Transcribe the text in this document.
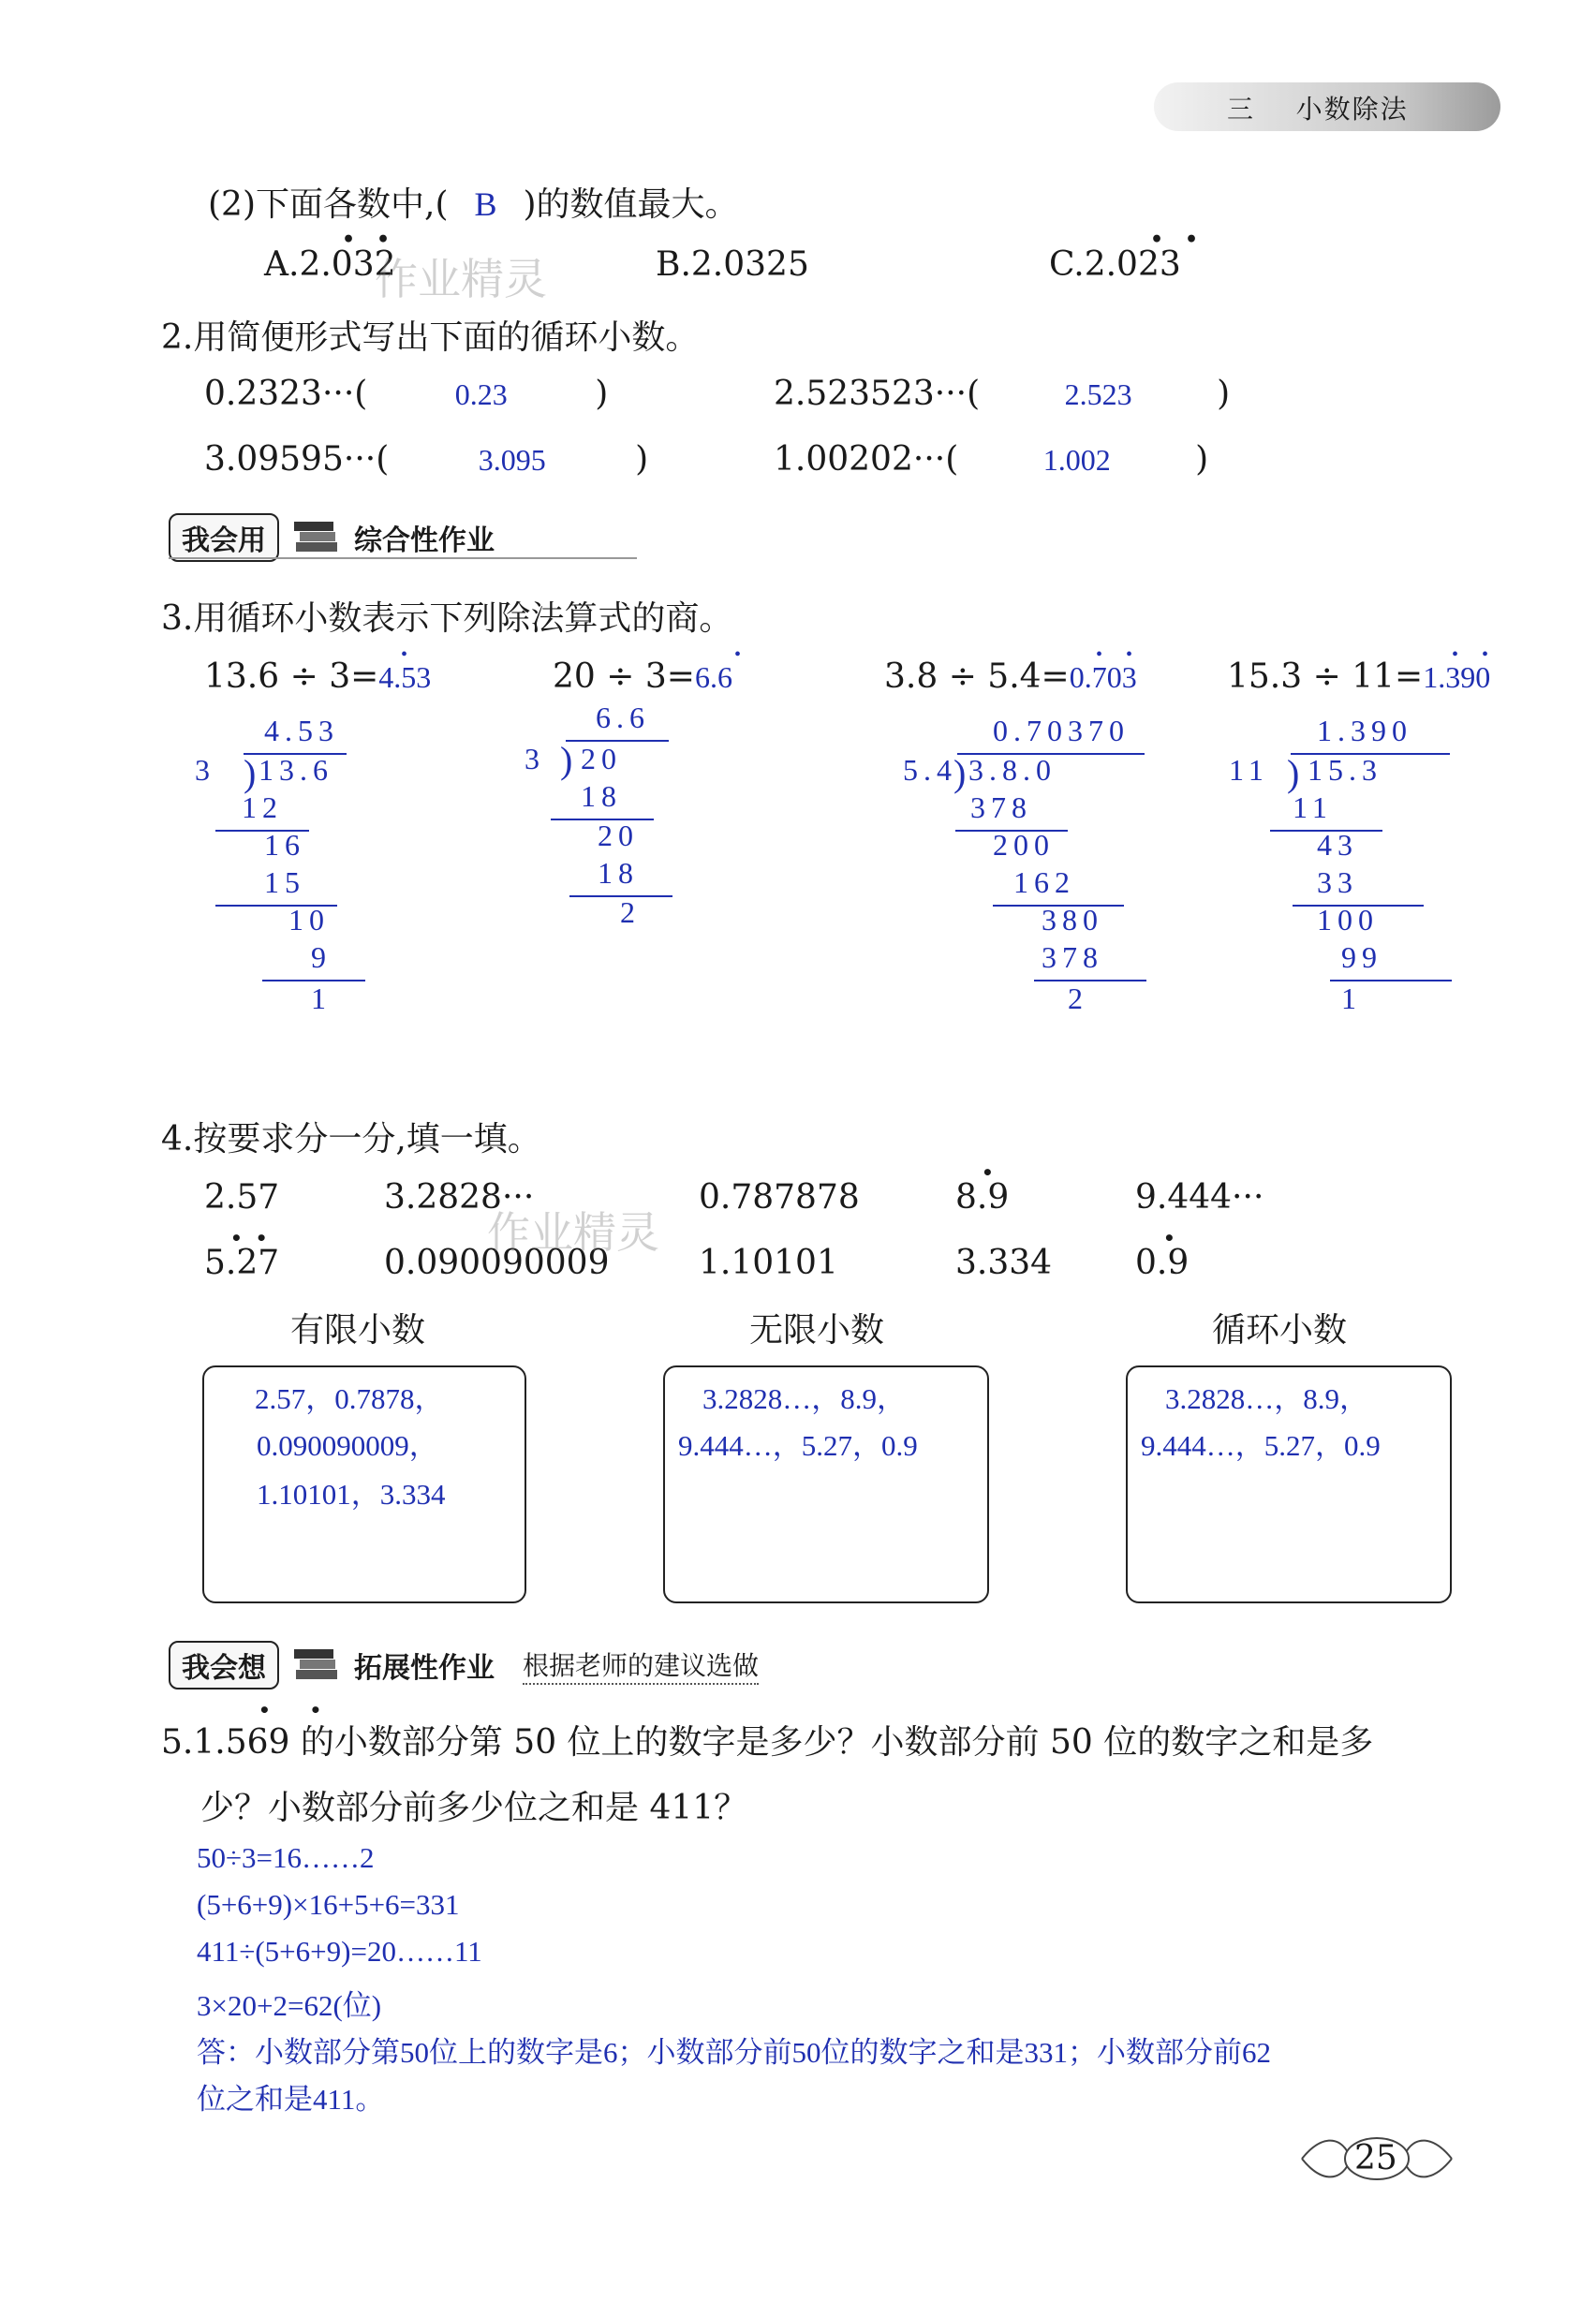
三 小数除法
(2)下面各数中,( B )的数值最大。
A.2.032	B.2.0325	C.2.023
•   •	•   •
2.用简便形式写出下面的循环小数。
0.2323···(	0.23	)	2.523523···(	2.523	)
3.09595···(	3.095	)	1.00202···(	1.002	)
我会用	综合性作业
3.用循环小数表示下列除法算式的商。
13.6 ÷ 3=4.53	20 ÷ 3=6.6	3.8 ÷ 5.4=0.703	15.3 ÷ 11=1.390
•	•	•     •	•     •
4.53
3 ) 13.6
12
16
15
10
9
1
6.6
3 ) 20
18
20
18
2
0.70370
5.4
) 3.8.0
378
200
162
380
378
2
1.390
11 ) 15.3
11
43
33
100
99
1
4.按要求分一分,填一填。
2.57	3.2828···	0.787878	8.9	9.444···
5.27	0.090090009	1.10101	3.334 0.9
•
•  •	•
有限小数	无限小数	循环小数
2.57，0.7878，
0.090090009，
1.10101，3.334
3.2828…，8.9，
9.444…，5.27，0.9
3.2828…，8.9，
9.444…，5.27，0.9
我会想	拓展性作业 根据老师的建议选做
5.1.569 的小数部分第 50 位上的数字是多少？小数部分前 50 位的数字之和是多
•      •
少？小数部分前多少位之和是 411？
50÷3=16……2
(5+6+9)×16+5+6=331
411÷(5+6+9)=20……11
3×20+2=62(位)
答：小数部分第50位上的数字是6；小数部分前50位的数字之和是331；小数部分前62
位之和是411。
25
作业精灵
作业精灵
